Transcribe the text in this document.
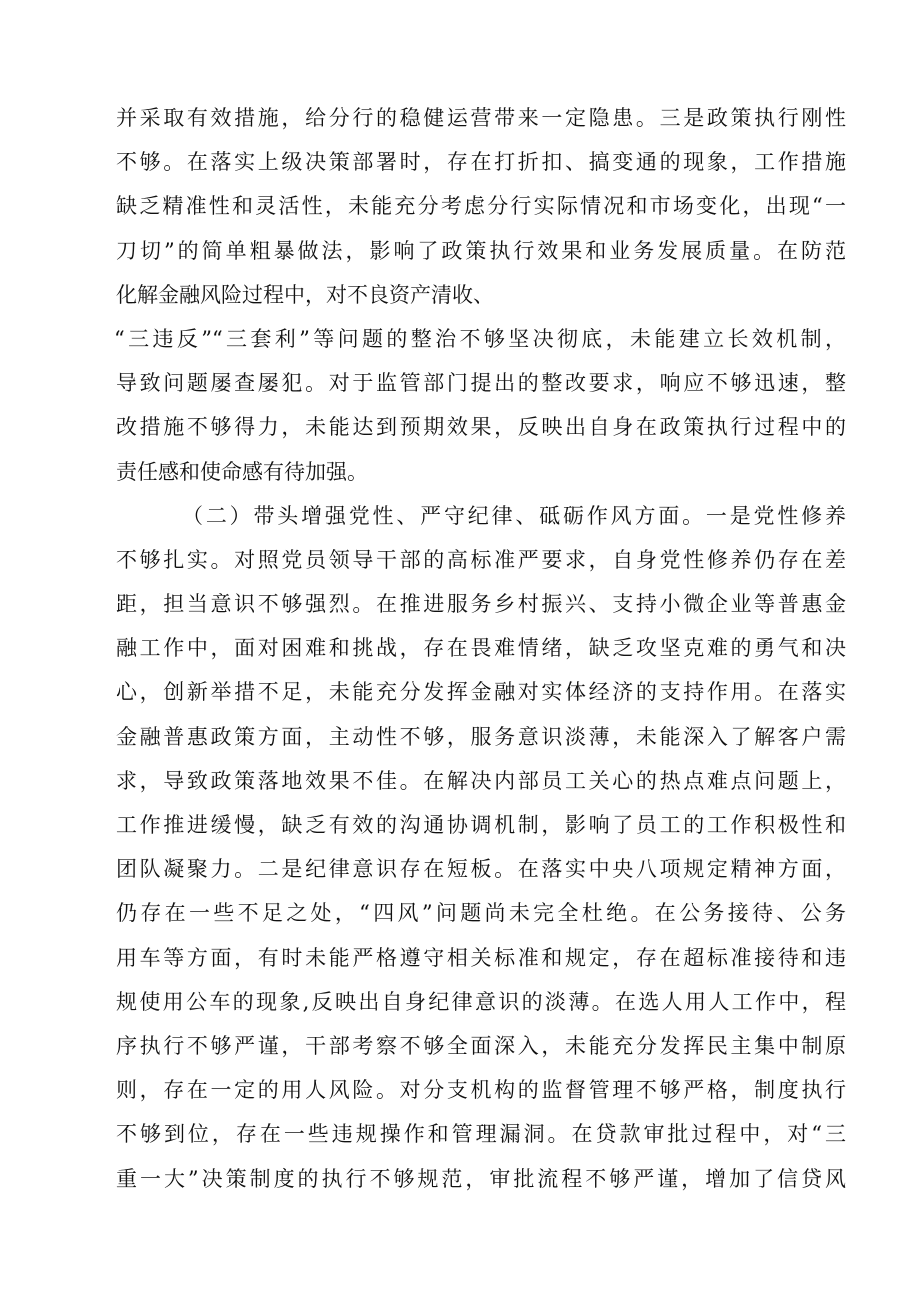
并采取有效措施，给分行的稳健运营带来一定隐患。三是政策执行刚性
不够。在落实上级决策部署时，存在打折扣、搞变通的现象，工作措施
缺乏精准性和灵活性，未能充分考虑分行实际情况和市场变化，出现“一
刀切”的简单粗暴做法，影响了政策执行效果和业务发展质量。在防范
化解金融风险过程中，对不良资产清收、
“三违反”“三套利”等问题的整治不够坚决彻底，未能建立长效机制，
导致问题屡查屡犯。对于监管部门提出的整改要求，响应不够迅速，整
改措施不够得力，未能达到预期效果，反映出自身在政策执行过程中的
责任感和使命感有待加强。
（二）带头增强党性、严守纪律、砥砺作风方面。一是党性修养
不够扎实。对照党员领导干部的高标准严要求，自身党性修养仍存在差
距，担当意识不够强烈。在推进服务乡村振兴、支持小微企业等普惠金
融工作中，面对困难和挑战，存在畏难情绪，缺乏攻坚克难的勇气和决
心，创新举措不足，未能充分发挥金融对实体经济的支持作用。在落实
金融普惠政策方面，主动性不够，服务意识淡薄，未能深入了解客户需
求，导致政策落地效果不佳。在解决内部员工关心的热点难点问题上，
工作推进缓慢，缺乏有效的沟通协调机制，影响了员工的工作积极性和
团队凝聚力。二是纪律意识存在短板。在落实中央八项规定精神方面，
仍存在一些不足之处，“四风”问题尚未完全杜绝。在公务接待、公务
用车等方面，有时未能严格遵守相关标准和规定，存在超标准接待和违
规使用公车的现象,反映出自身纪律意识的淡薄。在选人用人工作中，程
序执行不够严谨，干部考察不够全面深入，未能充分发挥民主集中制原
则，存在一定的用人风险。对分支机构的监督管理不够严格，制度执行
不够到位，存在一些违规操作和管理漏洞。在贷款审批过程中，对“三
重一大”决策制度的执行不够规范，审批流程不够严谨，增加了信贷风
